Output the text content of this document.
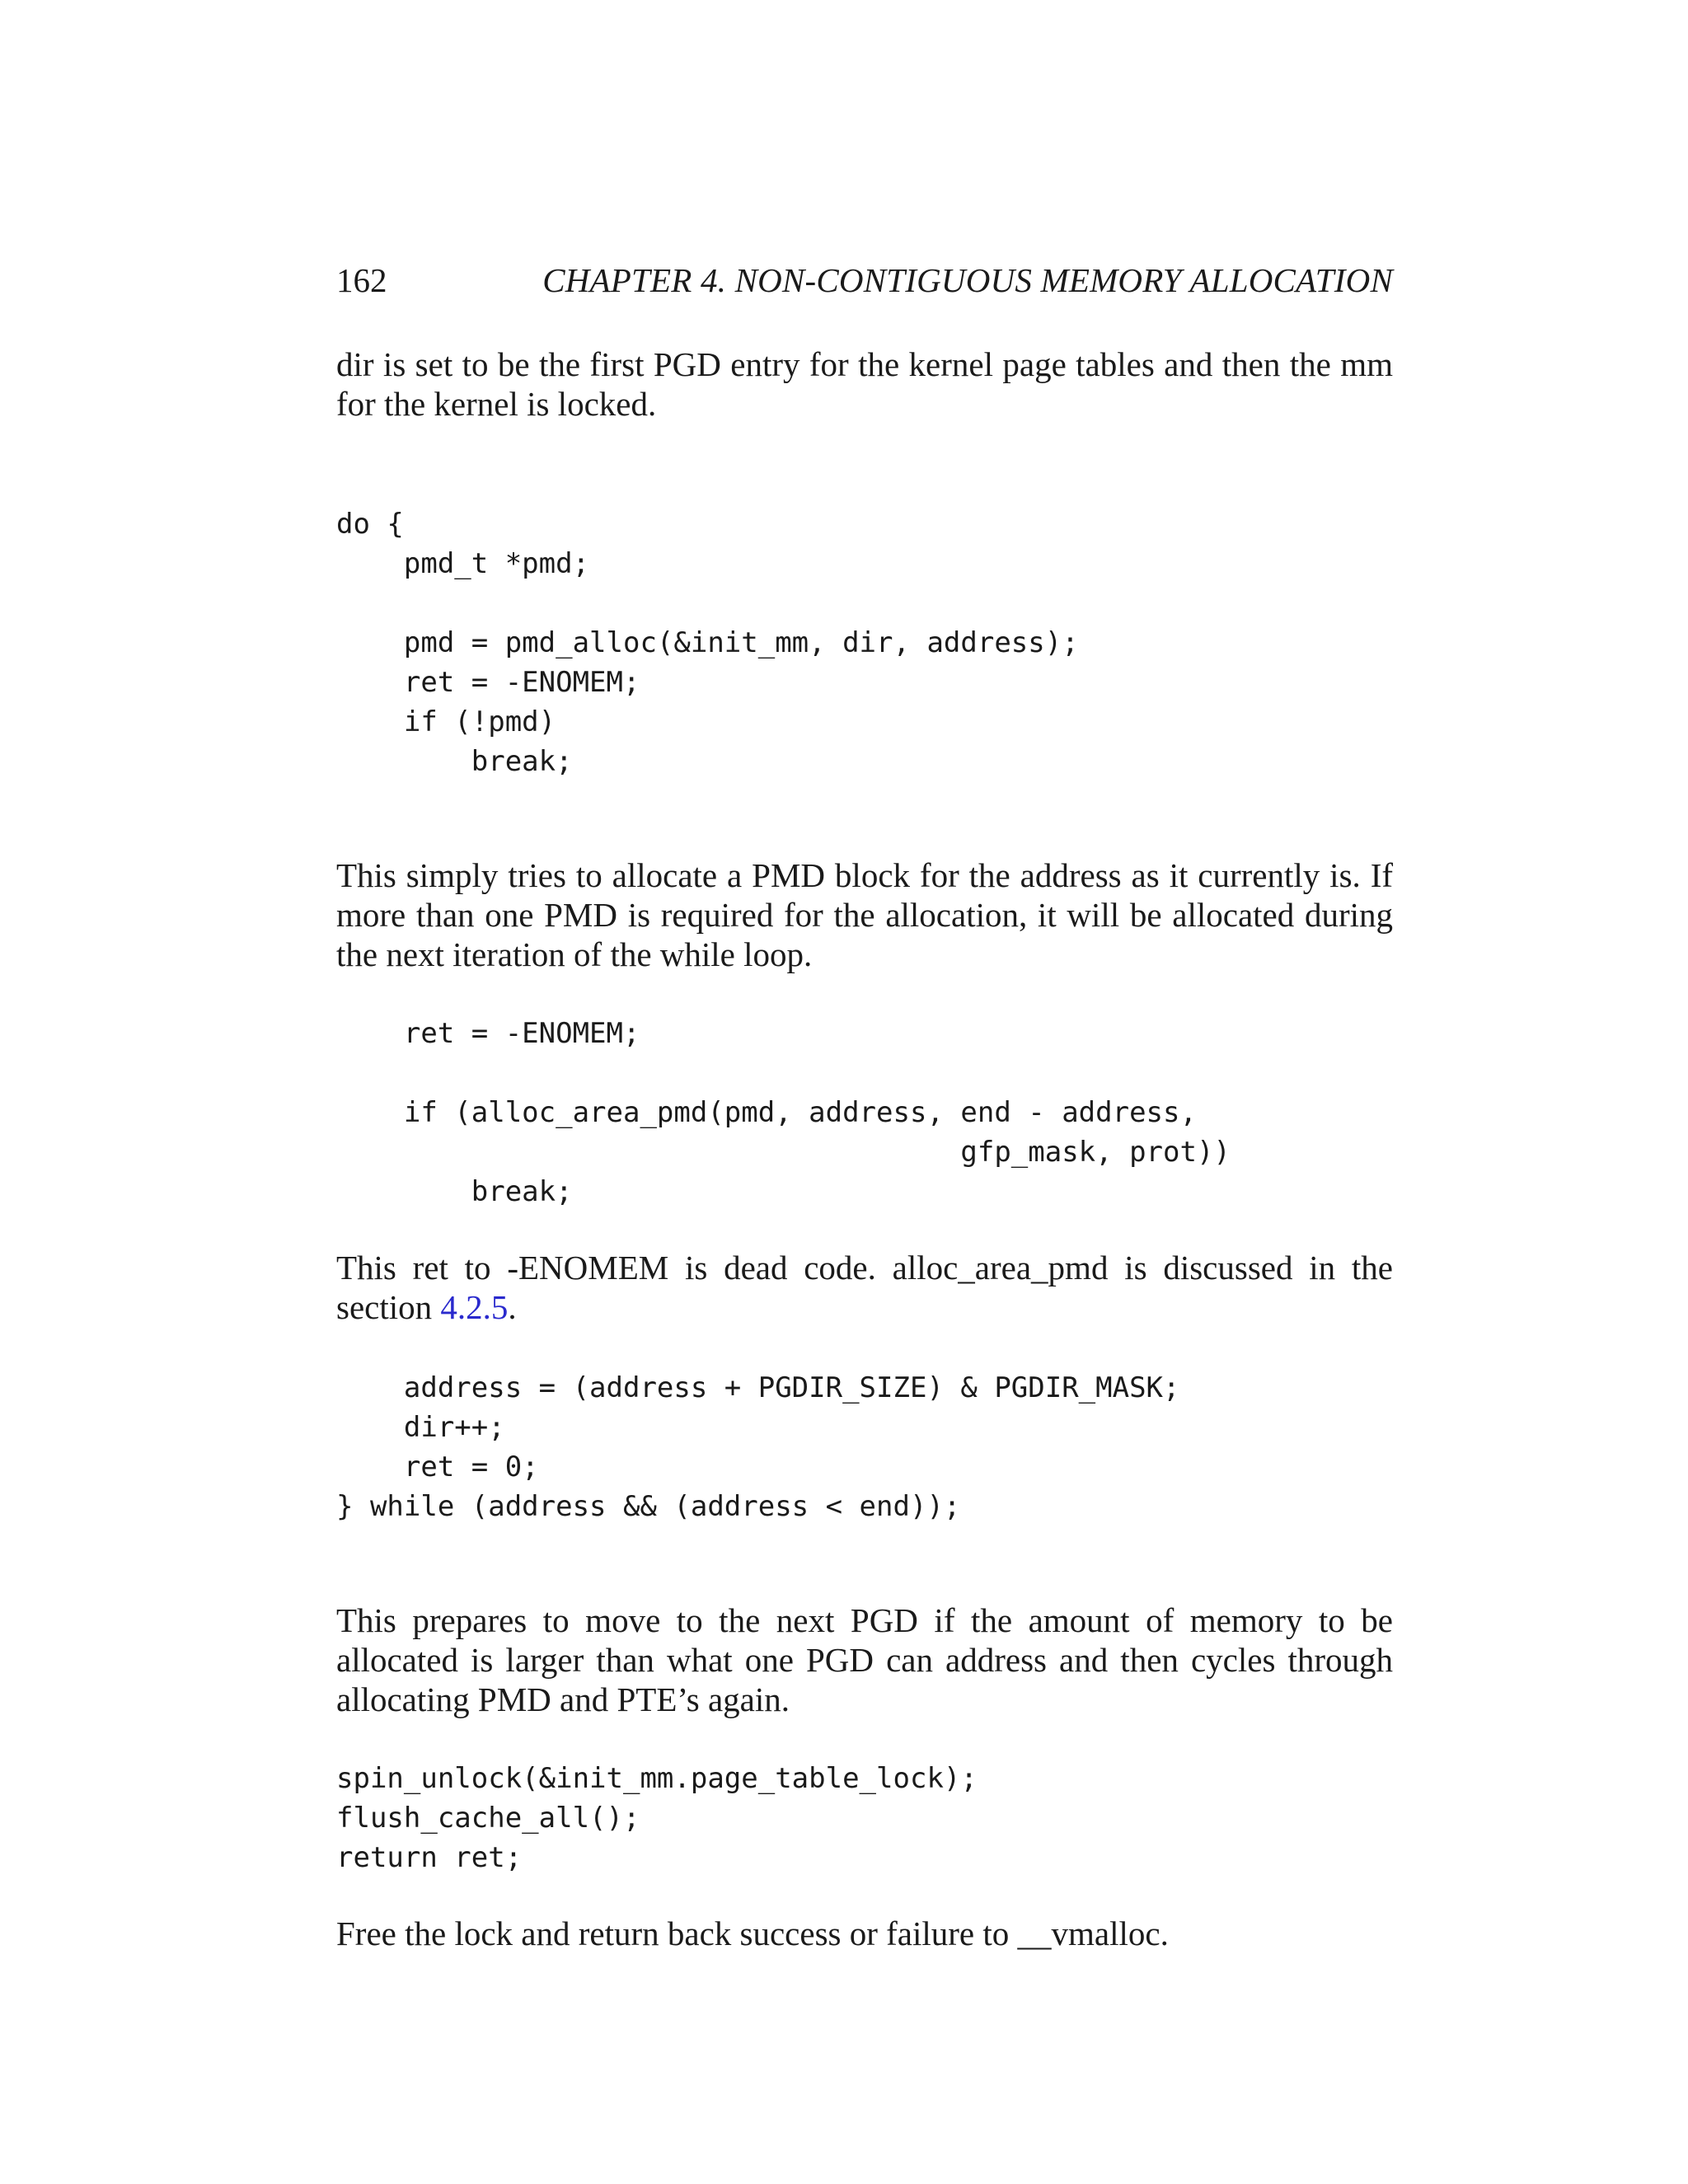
162	CHAPTER 4. NON-CONTIGUOUS MEMORY ALLOCATION

dir is set to be the first PGD entry for the kernel page tables and then the mm for the kernel is locked.

do {
pmd_t *pmd;
pmd = pmd_alloc(&init_mm, dir, address);
ret = -ENOMEM;
if (!pmd)
break;

This simply tries to allocate a PMD block for the address as it currently is. If more than one PMD is required for the allocation, it will be allocated during the next iteration of the while loop.

ret = -ENOMEM;
if (alloc_area_pmd(pmd, address, end - address,
gfp_mask, prot))
break;

This ret to -ENOMEM is dead code. alloc_area_pmd is discussed in the section 4.2.5.

address = (address + PGDIR_SIZE) & PGDIR_MASK;
dir++;
ret = 0;
} while (address && (address < end));

This prepares to move to the next PGD if the amount of memory to be allocated is larger than what one PGD can address and then cycles through allocating PMD and PTE’s again.

spin_unlock(&init_mm.page_table_lock);
flush_cache_all();
return ret;

Free the lock and return back success or failure to __vmalloc.
